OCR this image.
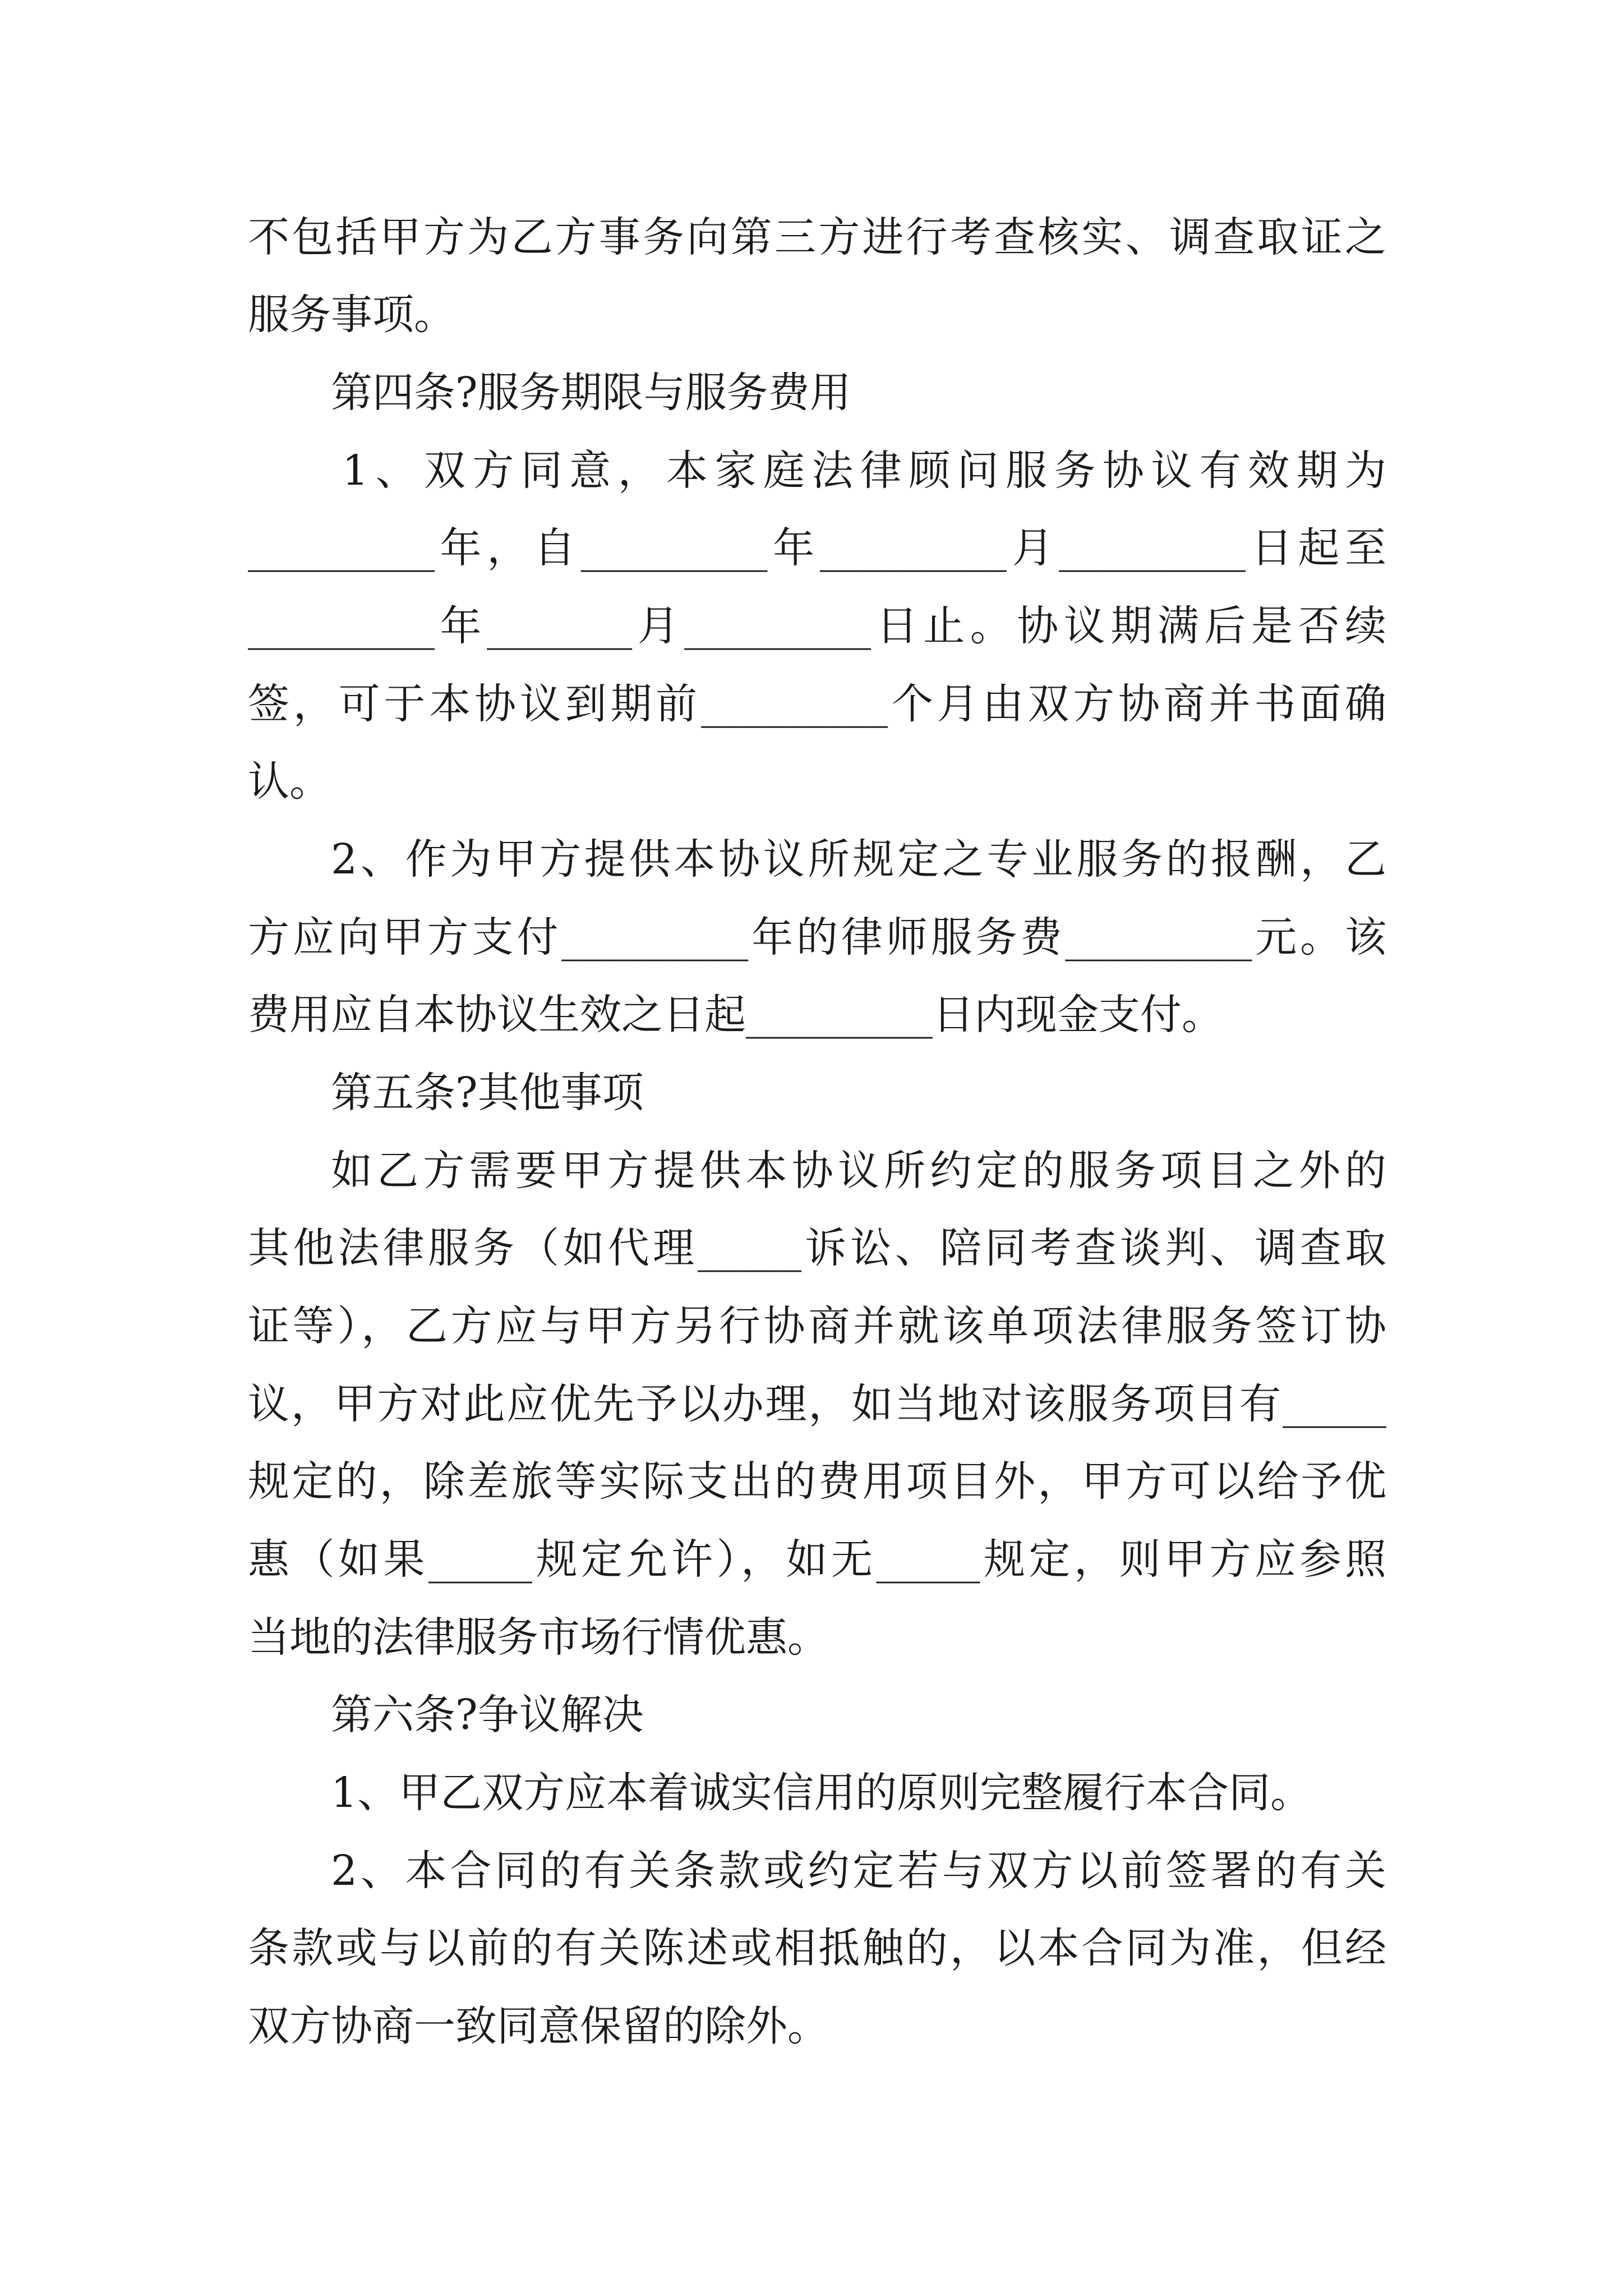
不包括甲方为乙方事务向第三方进行考查核实、调查取证之
服务事项。
第四条?服务期限与服务费用
1、双方同意，本家庭法律顾问服务协议有效期为
_________年，自_________年_________月_________日起至
_________年_______月_________日止。协议期满后是否续
签，可于本协议到期前_________个月由双方协商并书面确
认。
2、作为甲方提供本协议所规定之专业服务的报酬，乙
方应向甲方支付_________年的律师服务费_________元。该
费用应自本协议生效之日起_________日内现金支付。
第五条?其他事项
如乙方需要甲方提供本协议所约定的服务项目之外的
其他法律服务（如代理_____诉讼、陪同考查谈判、调查取
证等），乙方应与甲方另行协商并就该单项法律服务签订协
议，甲方对此应优先予以办理，如当地对该服务项目有_____
规定的，除差旅等实际支出的费用项目外，甲方可以给予优
惠（如果_____规定允许），如无_____规定，则甲方应参照
当地的法律服务市场行情优惠。
第六条?争议解决
1、甲乙双方应本着诚实信用的原则完整履行本合同。
2、本合同的有关条款或约定若与双方以前签署的有关
条款或与以前的有关陈述或相抵触的，以本合同为准，但经
双方协商一致同意保留的除外。
